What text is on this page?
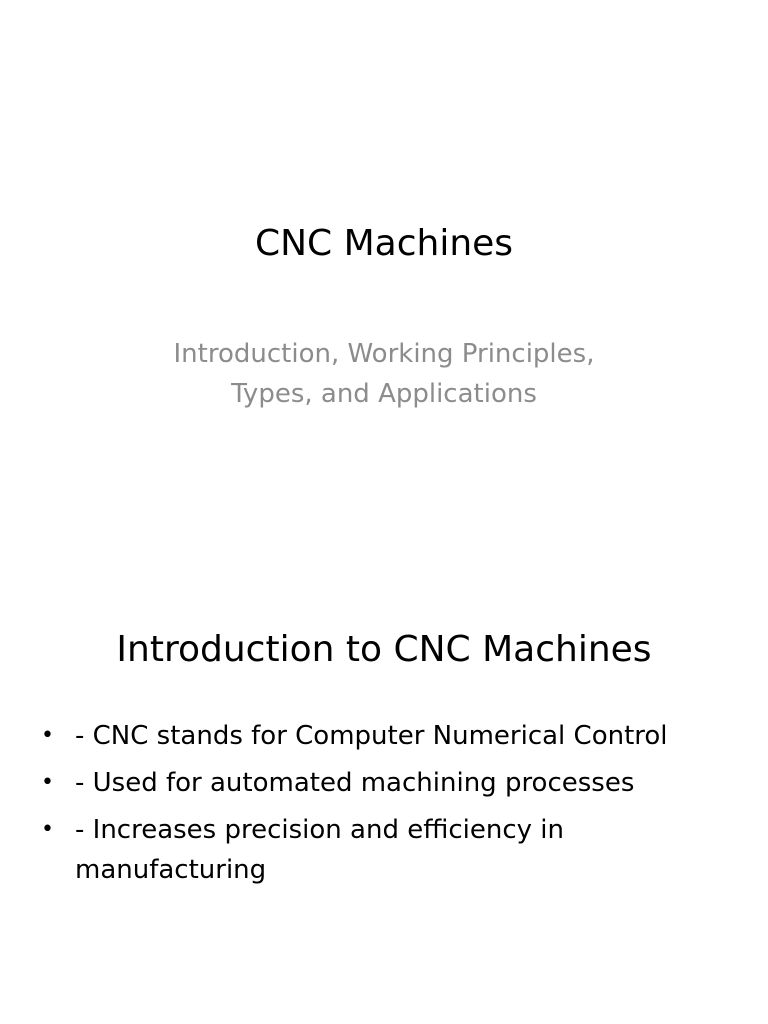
CNC Machines
Introduction, Working Principles,
Types, and Applications
Introduction to CNC Machines
• - CNC stands for Computer Numerical Control
• - Used for automated machining processes
• - Increases precision and efficiency in manufacturing
